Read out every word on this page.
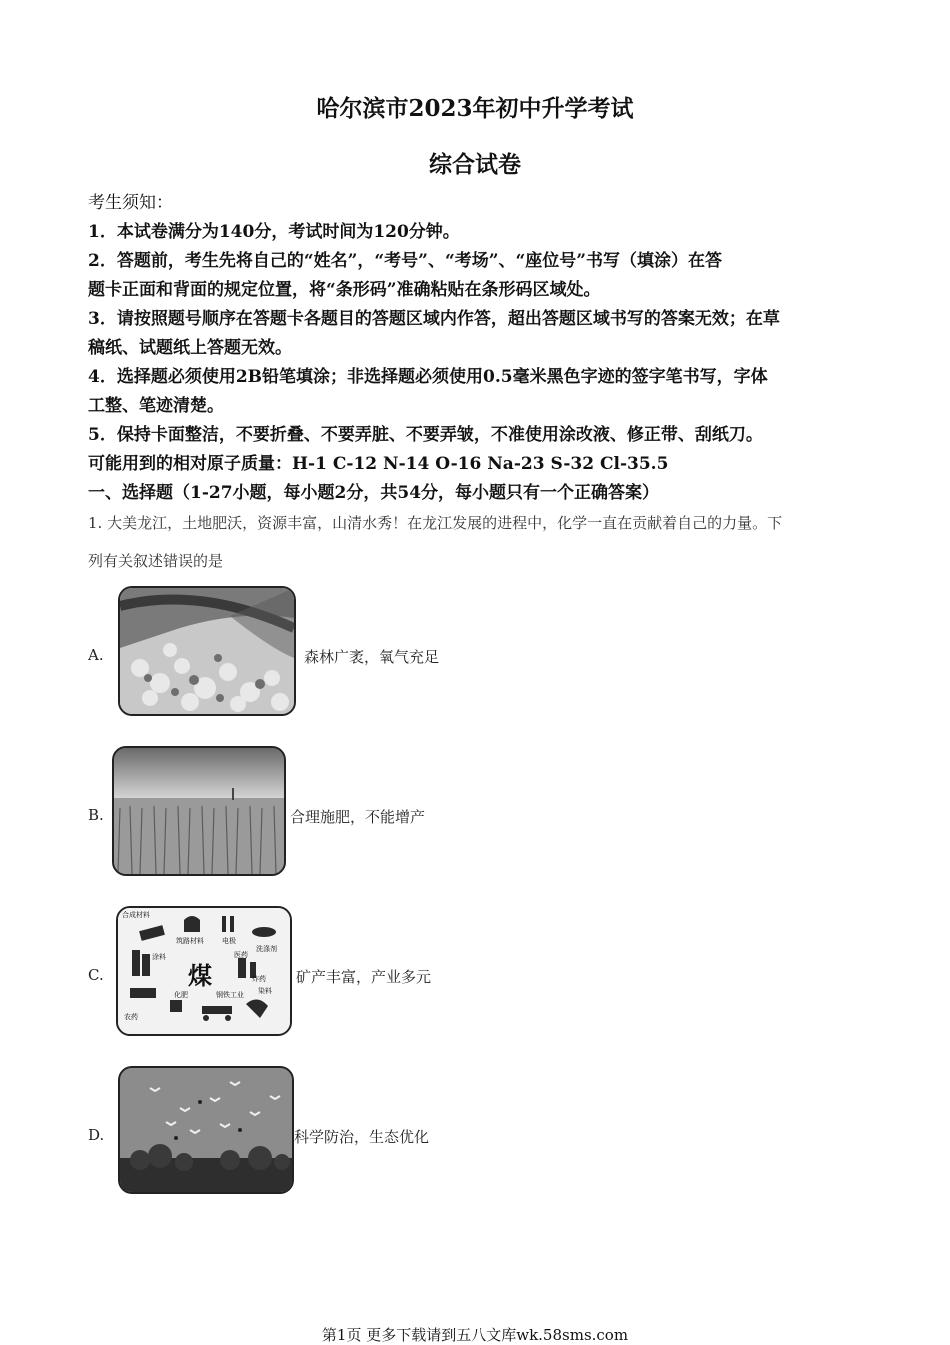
哈尔滨市2023年初中升学考试
综合试卷
考生须知：
1．本试卷满分为140分，考试时间为120分钟。
2．答题前，考生先将自己的“姓名”，“考号”、“考场”、“座位号”书写（填涂）在答
题卡正面和背面的规定位置，将“条形码”准确粘贴在条形码区域处。
3．请按照题号顺序在答题卡各题目的答题区域内作答，超出答题区域书写的答案无效；在草
稿纸、试题纸上答题无效。
4．选择题必须使用2B铅笔填涂；非选择题必须使用0.5毫米黑色字迹的签字笔书写，字体
工整、笔迹清楚。
5．保持卡面整洁，不要折叠、不要弄脏、不要弄皱，不准使用涂改液、修正带、刮纸刀。
可能用到的相对原子质量：H-1 C-12 N-14 O-16 Na-23 S-32 Cl-35.5
一、选择题（1-27小题，每小题2分，共54分，每小题只有一个正确答案）
1. 大美龙江，土地肥沃，资源丰富，山清水秀！在龙江发展的进程中，化学一直在贡献着自己的力量。下
列有关叙述错误的是
A.	森林广袤，氧气充足
B.	合理施肥，不能增产
C.	煤
合成材料
筑路材料	电极
涂料	医药
洗涤剂
农药
化肥	钢铁工业
炸药
染料
矿产丰富，产业多元
D.	科学防治，生态优化
第1页 更多下载请到五八文库wk.58sms.com
